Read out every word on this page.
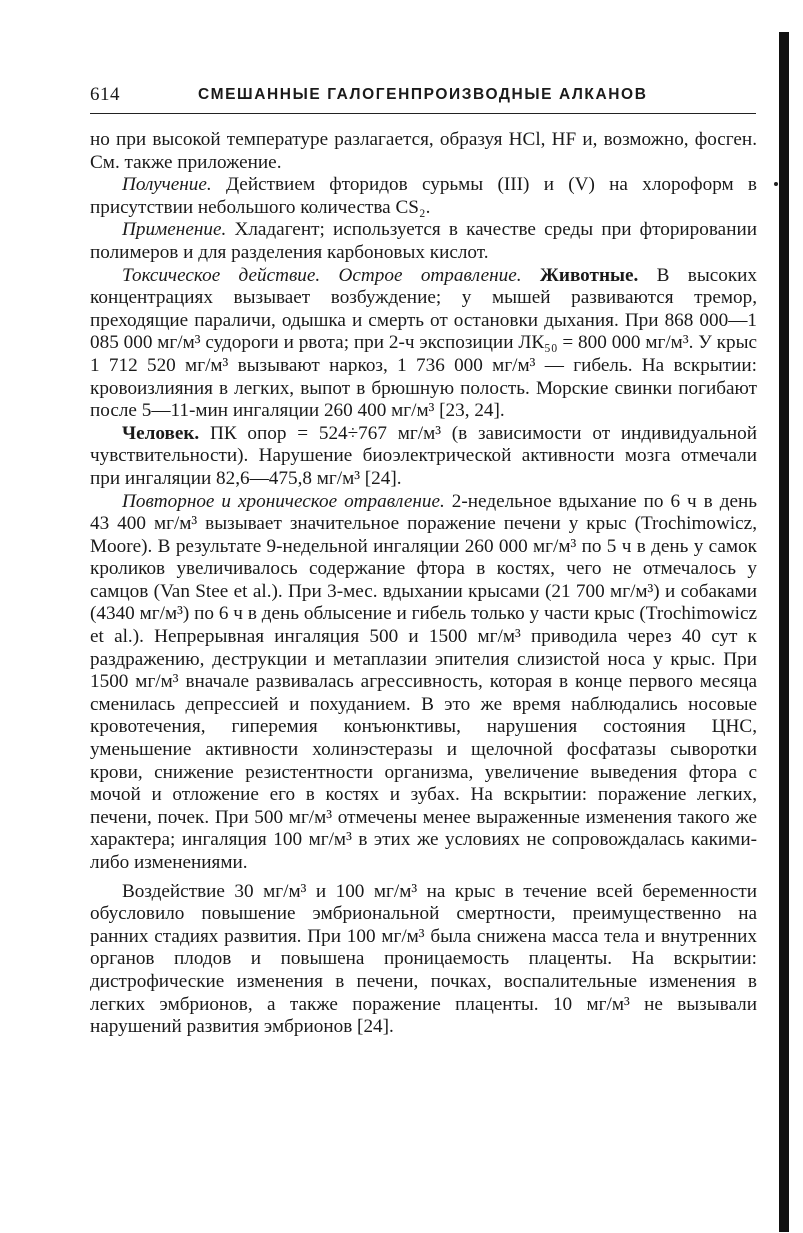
614	СМЕШАННЫЕ ГАЛОГЕНПРОИЗВОДНЫЕ АЛКАНОВ

но при высокой температуре разлагается, образуя HCl, HF и, возможно, фосген. См. также приложение.

Получение. Действием фторидов сурьмы (III) и (V) на хлороформ в присутствии небольшого количества CS₂.

Применение. Хладагент; используется в качестве среды при фторировании полимеров и для разделения карбоновых кислот.

Токсическое действие. Острое отравление. Животные. В высоких концентрациях вызывает возбуждение; у мышей развиваются тремор, преходящие параличи, одышка и смерть от остановки дыхания. При 868 000—1 085 000 мг/м³ судороги и рвота; при 2-ч экспозиции ЛК₅₀ = 800 000 мг/м³. У крыс 1 712 520 мг/м³ вызывают наркоз, 1 736 000 мг/м³ — гибель. На вскрытии: кровоизлияния в легких, выпот в брюшную полость. Морские свинки погибают после 5—11-мин ингаляции 260 400 мг/м³ [23, 24].

Человек. ПК опор = 524÷767 мг/м³ (в зависимости от индивидуальной чувствительности). Нарушение биоэлектрической активности мозга отмечали при ингаляции 82,6—475,8 мг/м³ [24].

Повторное и хроническое отравление. 2-недельное вдыхание по 6 ч в день 43 400 мг/м³ вызывает значительное поражение печени у крыс (Trochimowicz, Moore). В результате 9-недельной ингаляции 260 000 мг/м³ по 5 ч в день у самок кроликов увеличивалось содержание фтора в костях, чего не отмечалось у самцов (Van Stee et al.). При 3-мес. вдыхании крысами (21 700 мг/м³) и собаками (4340 мг/м³) по 6 ч в день облысение и гибель только у части крыс (Trochimowicz et al.). Непрерывная ингаляция 500 и 1500 мг/м³ приводила через 40 сут к раздражению, деструкции и метаплазии эпителия слизистой носа у крыс. При 1500 мг/м³ вначале развивалась агрессивность, которая в конце первого месяца сменилась депрессией и похуданием. В это же время наблюдались носовые кровотечения, гиперемия конъюнктивы, нарушения состояния ЦНС, уменьшение активности холинэстеразы и щелочной фосфатазы сыворотки крови, снижение резистентности организма, увеличение выведения фтора с мочой и отложение его в костях и зубах. На вскрытии: поражение легких, печени, почек. При 500 мг/м³ отмечены менее выраженные изменения такого же характера; ингаляция 100 мг/м³ в этих же условиях не сопровождалась какими-либо изменениями.

Воздействие 30 мг/м³ и 100 мг/м³ на крыс в течение всей беременности обусловило повышение эмбриональной смертности, преимущественно на ранних стадиях развития. При 100 мг/м³ была снижена масса тела и внутренних органов плодов и повышена проницаемость плаценты. На вскрытии: дистрофические изменения в печени, почках, воспалительные изменения в легких эмбрионов, а также поражение плаценты. 10 мг/м³ не вызывали нарушений развития эмбрионов [24].
